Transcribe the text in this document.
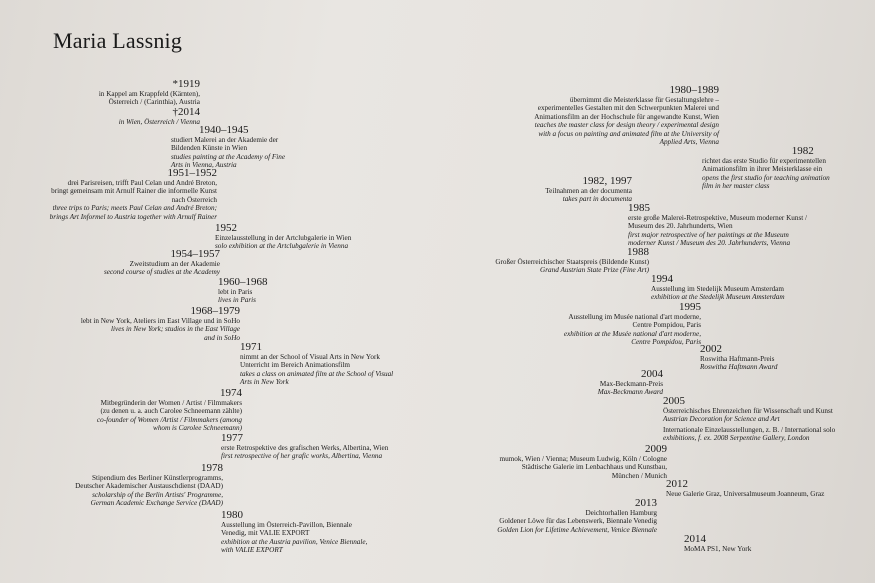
Maria Lassnig
*1919
in Kappel am Krappfeld (Kärnten),
Österreich / (Carinthia), Austria
†2014
in Wien, Österreich / Vienna
1940–1945
studiert Malerei an der Akademie der
Bildenden Künste in Wien
studies painting at the Academy of Fine
Arts in Vienna, Austria
1951–1952
drei Parisreisen, trifft Paul Celan und André Breton,
bringt gemeinsam mit Arnulf Rainer die informelle Kunst
nach Österreich
three trips to Paris; meets Paul Celan and André Breton;
brings Art Informel to Austria together with Arnulf Rainer
1952
Einzelausstellung in der Artclubgalerie in Wien
solo exhibition at the Artclubgalerie in Vienna
1954–1957
Zweitstudium an der Akademie
second course of studies at the Academy
1960–1968
lebt in Paris
lives in Paris
1968–1979
lebt in New York, Ateliers im East Village und in SoHo
lives in New York; studios in the East Village
and in SoHo
1971
nimmt an der School of Visual Arts in New York
Unterricht im Bereich Animationsfilm
takes a class on animated film at the School of Visual
Arts in New York
1974
Mitbegründerin der Women / Artist / Filmmakers
(zu denen u. a. auch Carolee Schneemann zählte)
co-founder of Women /Artist / Filmmakers (among
whom is Carolee Schneemann)
1977
erste Retrospektive des grafischen Werks, Albertina, Wien
first retrospective of her grafic works, Albertina, Vienna
1978
Stipendium des Berliner Künstlerprogramms,
Deutscher Akademischer Austauschdienst (DAAD)
scholarship of the Berlin Artists' Programme,
German Academic Exchange Service (DAAD)
1980
Ausstellung im Österreich-Pavillon, Biennale
Venedig, mit VALIE EXPORT
exhibition at the Austria pavilion, Venice Biennale,
with VALIE EXPORT
1980–1989
übernimmt die Meisterklasse für Gestaltungslehre –
experimentelles Gestalten mit den Schwerpunkten Malerei und
Animationsfilm an der Hochschule für angewandte Kunst, Wien
teaches the master class for design theory / experimental design
with a focus on painting and animated film at the University of
Applied Arts, Vienna
1982
richtet das erste Studio für experimentellen
Animationsfilm in ihrer Meisterklasse ein
opens the first studio for teaching animation
film in her master class
1982, 1997
Teilnahmen an der documenta
takes part in documenta
1985
erste große Malerei-Retrospektive, Museum moderner Kunst /
Museum des 20. Jahrhunderts, Wien
first major retrospective of her paintings at the Museum
moderner Kunst / Museum des 20. Jahrhunderts, Vienna
1988
Großer Österreichischer Staatspreis (Bildende Kunst)
Grand Austrian State Prize (Fine Art)
1994
Ausstellung im Stedelijk Museum Amsterdam
exhibition at the Stedelijk Museum Amsterdam
1995
Ausstellung im Musée national d'art moderne,
Centre Pompidou, Paris
exhibition at the Musée national d'art moderne,
Centre Pompidou, Paris
2002
Roswitha Haftmann-Preis
Roswitha Haftmann Award
2004
Max-Beckmann-Preis
Max-Beckmann Award
2005
Österreichisches Ehrenzeichen für Wissenschaft und Kunst
Austrian Decoration for Science and Art
Internationale Einzelausstellungen, z. B. / International solo
exhibitions, f. ex. 2008 Serpentine Gallery, London
2009
mumok, Wien / Vienna; Museum Ludwig, Köln / Cologne
Städtische Galerie im Lenbachhaus und Kunstbau,
München / Munich
2012
Neue Galerie Graz, Universalmuseum Joanneum, Graz
2013
Deichtorhallen Hamburg
Goldener Löwe für das Lebenswerk, Biennale Venedig
Golden Lion for Lifetime Achievement, Venice Biennale
2014
MoMA PS1, New York
